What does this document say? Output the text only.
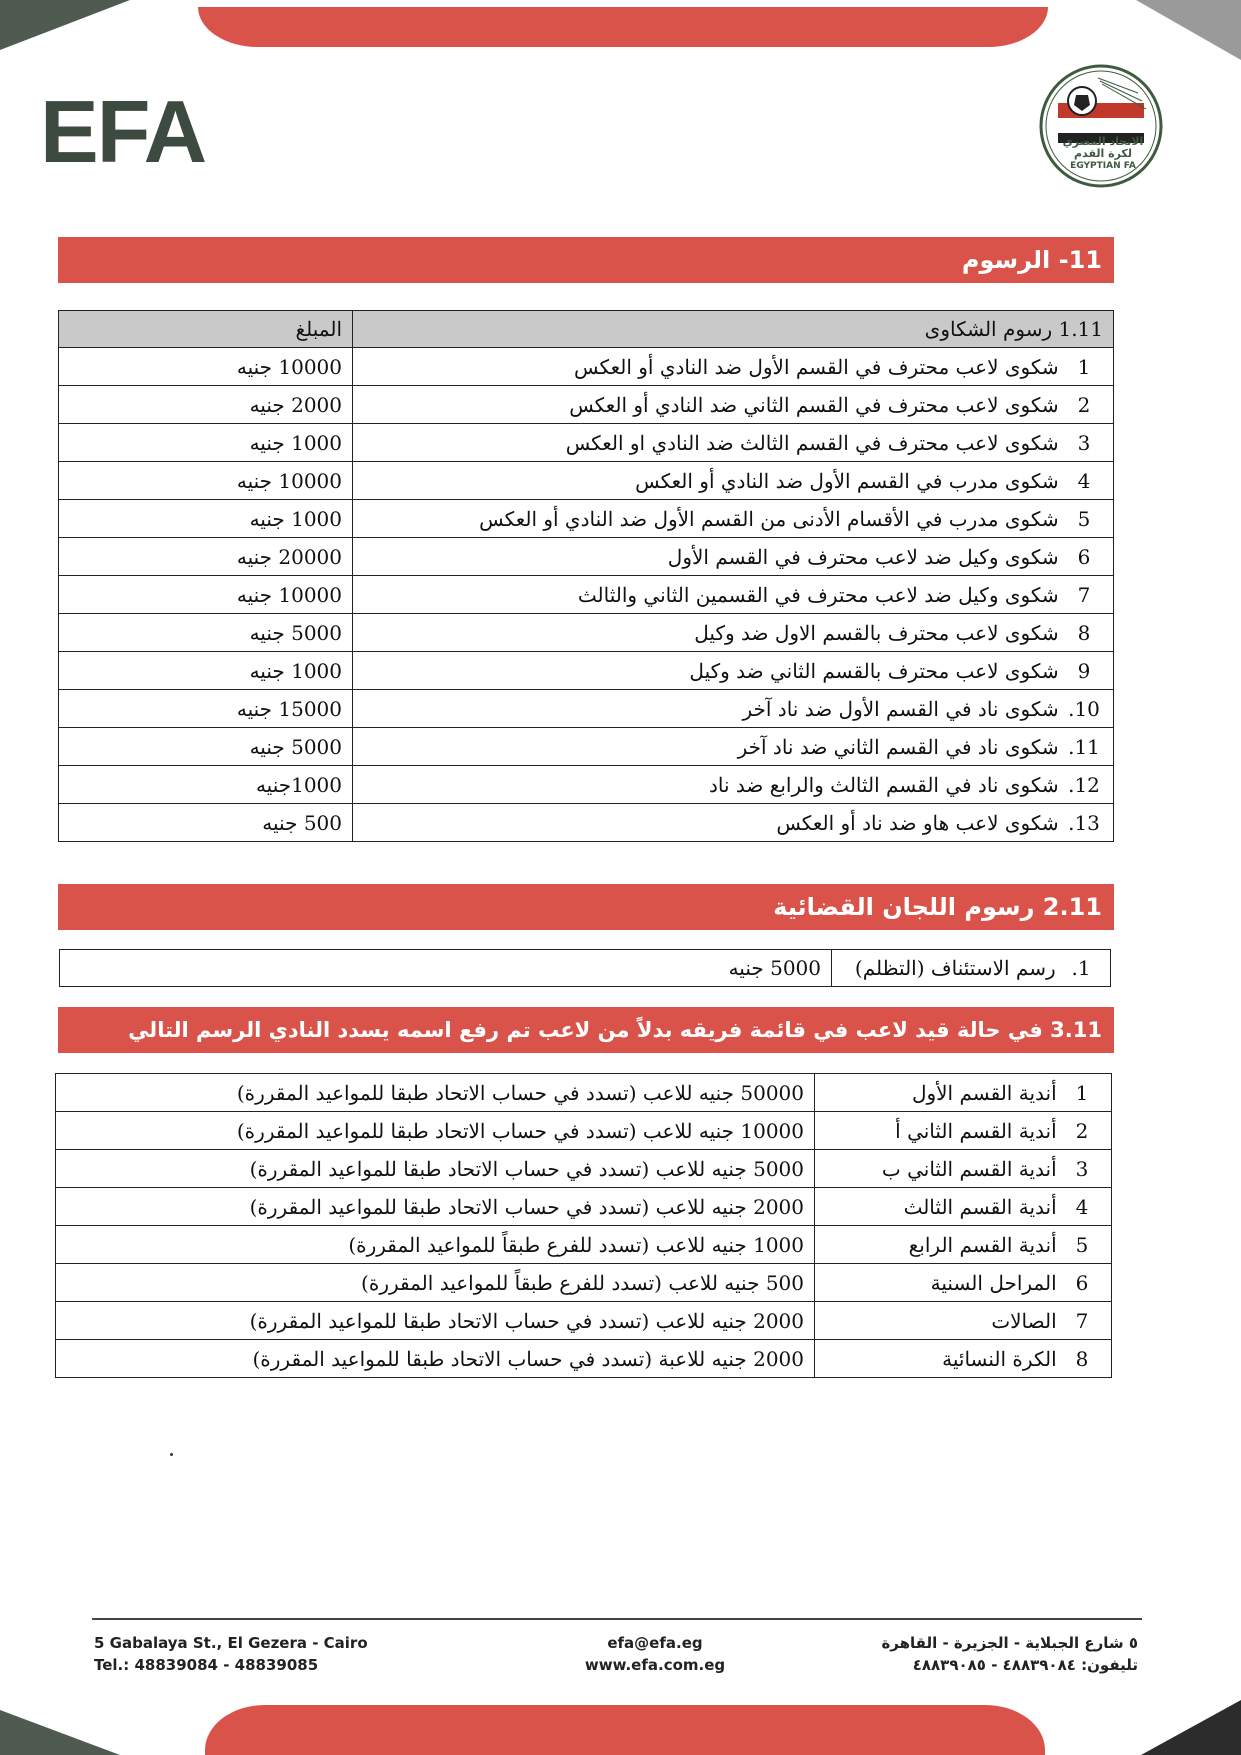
EFA	الاتحاد المصري
لكرة القدم
EGYPTIAN FA
11- الرسوم
1.11 رسوم الشكاوى	المبلغ
1 شكوى لاعب محترف في القسم الأول ضد النادي أو العكس	10000 جنيه
2 شكوى لاعب محترف في القسم الثاني ضد النادي أو العكس	2000 جنيه
3 شكوى لاعب محترف في القسم الثالث ضد النادي او العكس	1000 جنيه
4 شكوى مدرب في القسم الأول ضد النادي أو العكس	10000 جنيه
5 شكوى مدرب في الأقسام الأدنى من القسم الأول ضد النادي أو العكس	1000 جنيه
6 شكوى وكيل ضد لاعب محترف في القسم الأول	20000 جنيه
7 شكوى وكيل ضد لاعب محترف في القسمين الثاني والثالث	10000 جنيه
8 شكوى لاعب محترف بالقسم الاول ضد وكيل	5000 جنيه
9 شكوى لاعب محترف بالقسم الثاني ضد وكيل	1000 جنيه
10. شكوى ناد في القسم الأول ضد ناد آخر	15000 جنيه
11. شكوى ناد في القسم الثاني ضد ناد آخر	5000 جنيه
12. شكوى ناد في القسم الثالث والرابع ضد ناد	1000جنيه
13. شكوى لاعب هاو ضد ناد أو العكس	500 جنيه
2.11 رسوم اللجان القضائية
1. رسم الاستئناف (التظلم)	5000 جنيه
3.11 في حالة قيد لاعب في قائمة فريقه بدلاً من لاعب تم رفع اسمه يسدد النادي الرسم التالي
1 أندية القسم الأول	50000 جنيه للاعب (تسدد في حساب الاتحاد طبقا للمواعيد المقررة)
2 أندية القسم الثاني أ	10000 جنيه للاعب (تسدد في حساب الاتحاد طبقا للمواعيد المقررة)
3 أندية القسم الثاني ب	5000 جنيه للاعب (تسدد في حساب الاتحاد طبقا للمواعيد المقررة)
4 أندية القسم الثالث	2000 جنيه للاعب (تسدد في حساب الاتحاد طبقا للمواعيد المقررة)
5 أندية القسم الرابع	1000 جنيه للاعب (تسدد للفرع طبقاً للمواعيد المقررة)
6 المراحل السنية	500 جنيه للاعب (تسدد للفرع طبقاً للمواعيد المقررة)
7 الصالات	2000 جنيه للاعب (تسدد في حساب الاتحاد طبقا للمواعيد المقررة)
8 الكرة النسائية	2000 جنيه للاعبة (تسدد في حساب الاتحاد طبقا للمواعيد المقررة)
5 Gabalaya St., El Gezera - Cairo
Tel.: 48839084 - 48839085
efa@efa.eg
www.efa.com.eg
٥ شارع الجبلاية - الجزيرة - القاهرة
تليفون: ٤٨٨٣٩٠٨٤ - ٤٨٨٣٩٠٨٥
